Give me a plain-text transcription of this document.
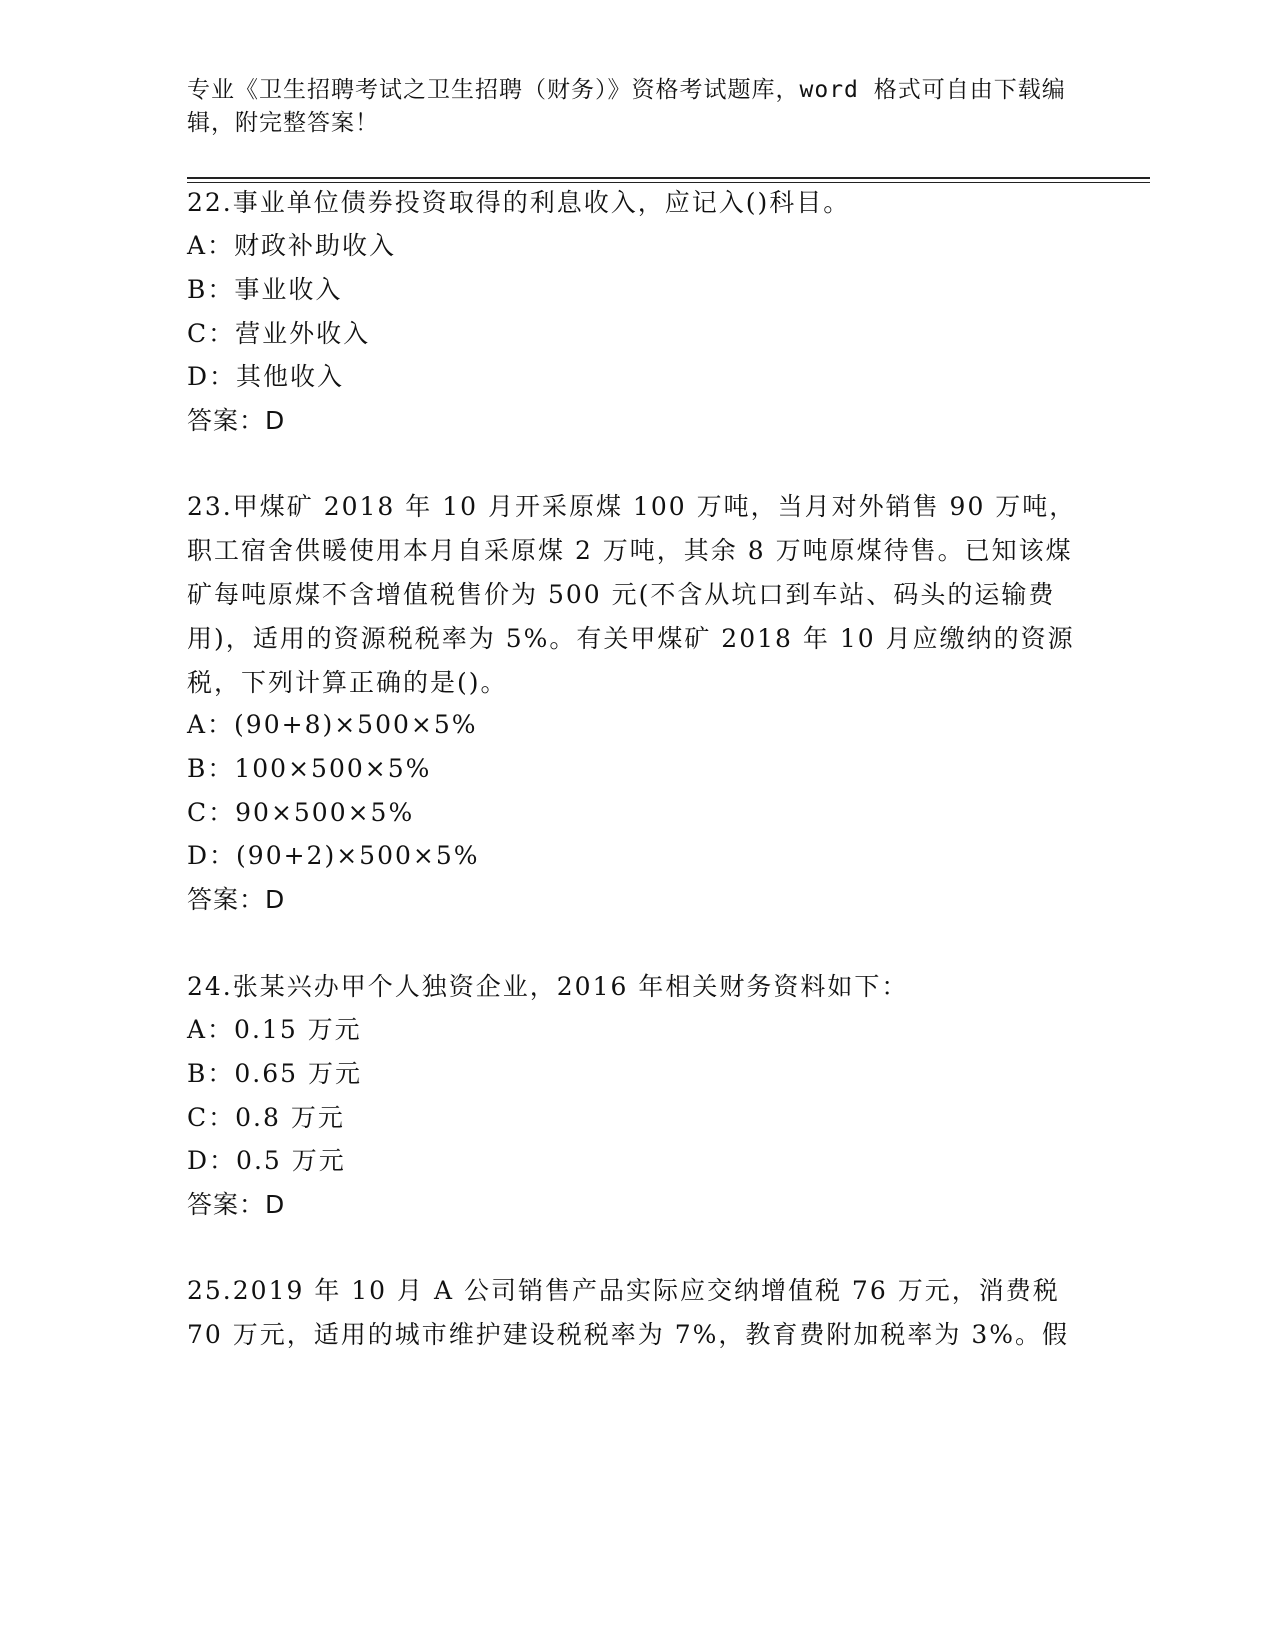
专业《卫生招聘考试之卫生招聘（财务）》资格考试题库，word 格式可自由下载编辑，附完整答案！

22.事业单位债券投资取得的利息收入，应记入()科目。

A：财政补助收入

B：事业收入

C：营业外收入

D：其他收入

答案：D

23.甲煤矿 2018 年 10 月开采原煤 100 万吨，当月对外销售 90 万吨，职工宿舍供暖使用本月自采原煤 2 万吨，其余 8 万吨原煤待售。已知该煤矿每吨原煤不含增值税售价为 500 元(不含从坑口到车站、码头的运输费用)，适用的资源税税率为 5%。有关甲煤矿 2018 年 10 月应缴纳的资源税，下列计算正确的是()。

A：(90+8)×500×5%

B：100×500×5%

C：90×500×5%

D：(90+2)×500×5%

答案：D

24.张某兴办甲个人独资企业，2016 年相关财务资料如下：

A：0.15 万元

B：0.65 万元

C：0.8 万元

D：0.5 万元

答案：D

25.2019 年 10 月 A 公司销售产品实际应交纳增值税 76 万元，消费税 70 万元，适用的城市维护建设税税率为 7%，教育费附加税率为 3%。假
